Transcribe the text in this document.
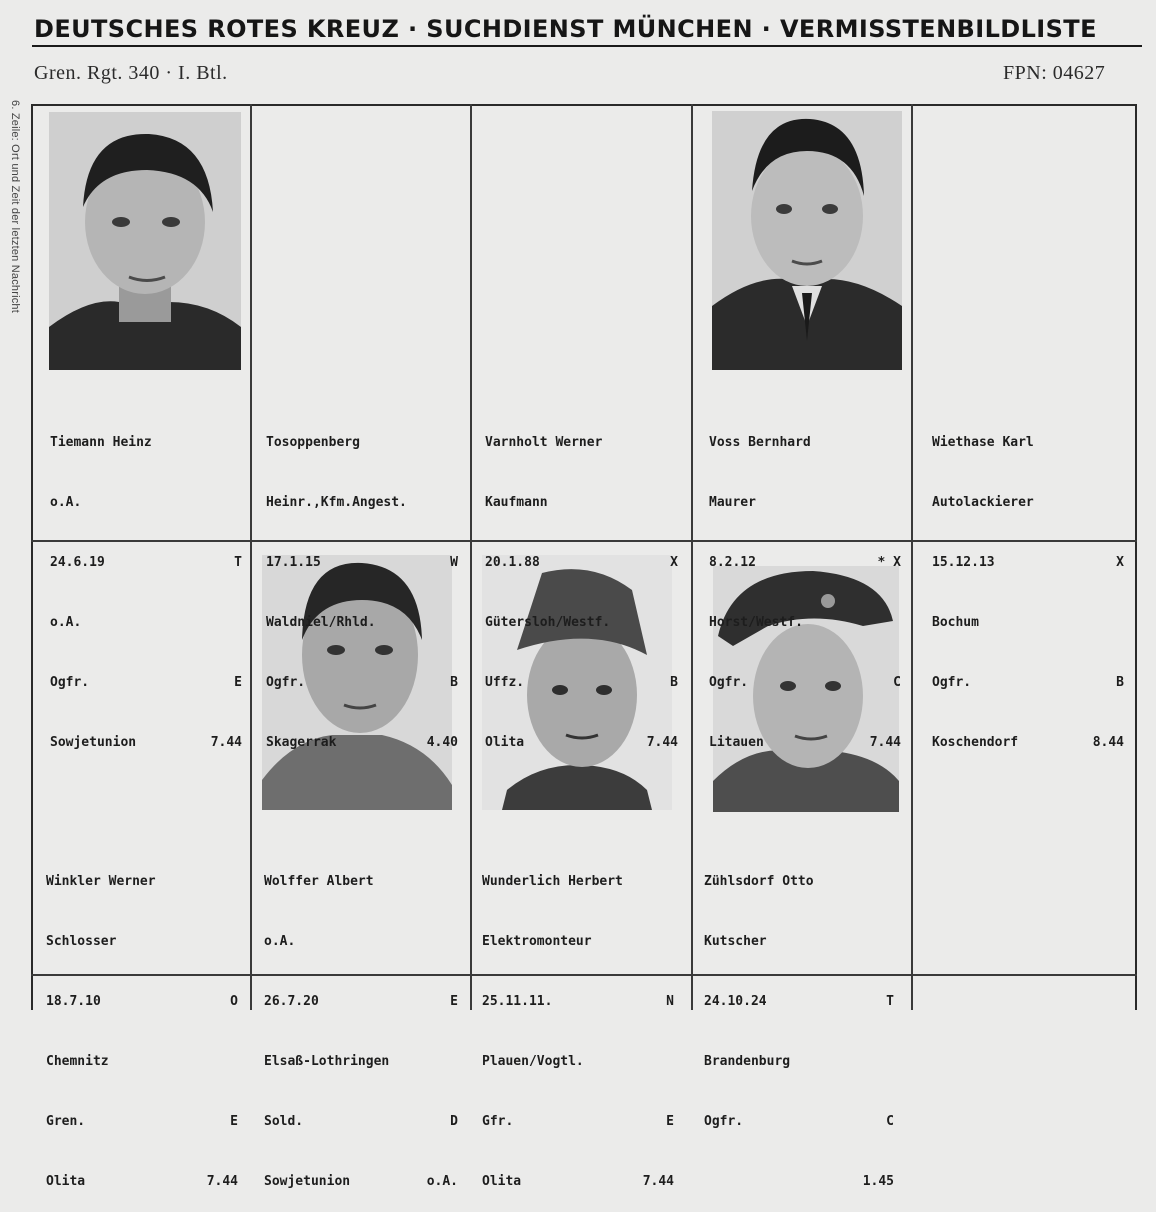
DEUTSCHES ROTES KREUZ · SUCHDIENST MÜNCHEN · VERMISSTENBILDLISTE
Gren. Rgt. 340 · I. Btl.	FPN: 04627
6. Zeile: Ort und Zeit der letzten Nachricht

Tiemann Heinz

o.A.

24.6.19	T

o.A.

Ogfr.	E

Sowjetunion	7.44

Tosoppenberg

Heinr.,Kfm.Angest.

17.1.15	W

Waldniel/Rhld.

Ogfr.	B

Skagerrak	4.40

Varnholt Werner

Kaufmann

20.1.88	X

Gütersloh/Westf.

Uffz.	B

Olita	7.44

Voss Bernhard

Maurer

8.2.12	* X

Horst/Westf.

Ogfr.	C

Litauen	7.44

Wiethase Karl

Autolackierer

15.12.13	X

Bochum

Ogfr.	B

Koschendorf	8.44

Winkler Werner

Schlosser

18.7.10	O

Chemnitz

Gren.	E

Olita	7.44

Wolffer Albert

o.A.

26.7.20	E

Elsaß-Lothringen

Sold.	D

Sowjetunion	o.A.

Wunderlich Herbert

Elektromonteur

25.11.11.	N

Plauen/Vogtl.

Gfr.	E

Olita	7.44

Zühlsdorf Otto

Kutscher

24.10.24	T

Brandenburg

Ogfr.	C

1.45
